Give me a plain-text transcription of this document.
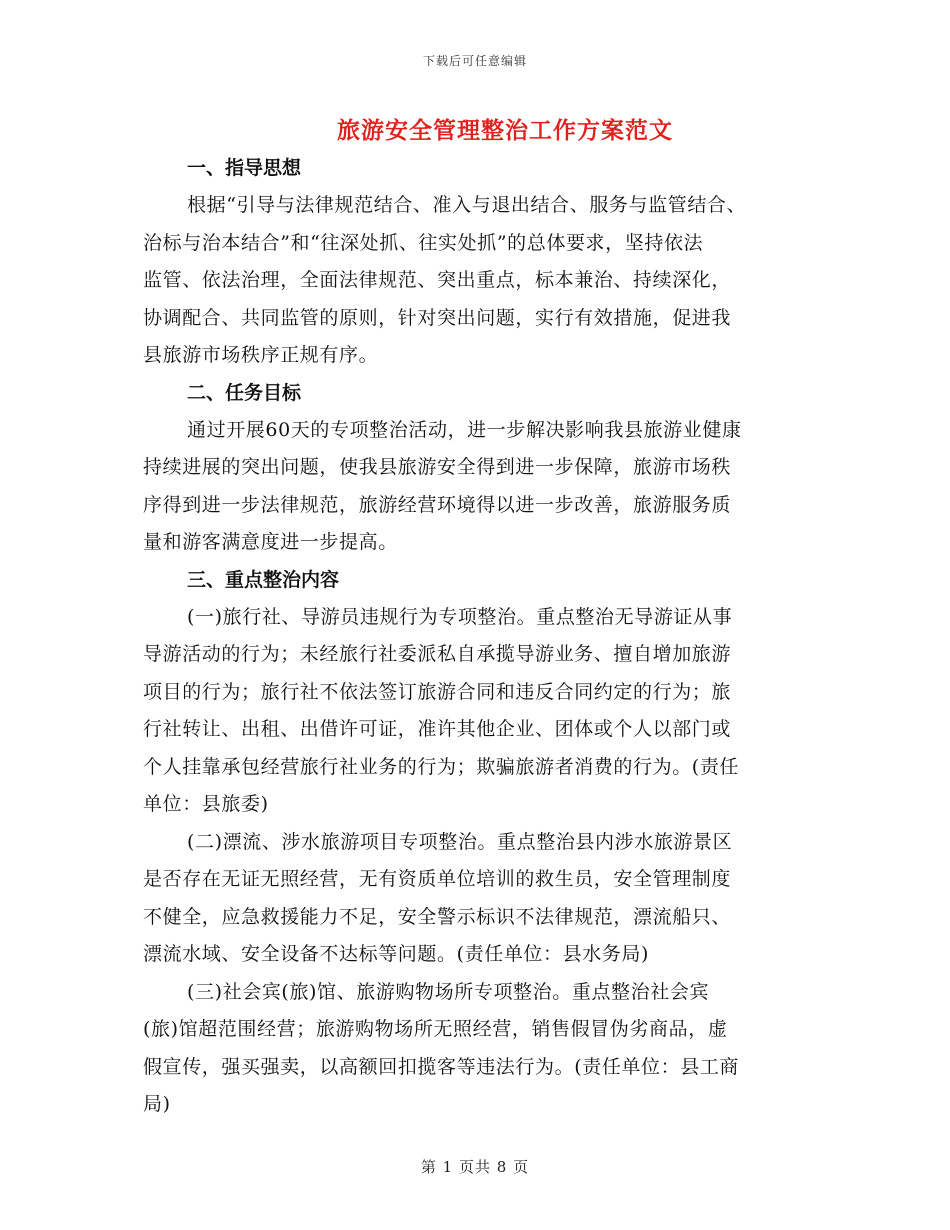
下载后可任意编辑
旅游安全管理整治工作方案范文
一、指导思想
根据“引导与法律规范结合、准入与退出结合、服务与监管结合、
治标与治本结合”和“往深处抓、往实处抓”的总体要求，坚持依法
监管、依法治理，全面法律规范、突出重点，标本兼治、持续深化，
协调配合、共同监管的原则，针对突出问题，实行有效措施，促进我
县旅游市场秩序正规有序。
二、任务目标
通过开展60天的专项整治活动，进一步解决影响我县旅游业健康
持续进展的突出问题，使我县旅游安全得到进一步保障，旅游市场秩
序得到进一步法律规范，旅游经营环境得以进一步改善，旅游服务质
量和游客满意度进一步提高。
三、重点整治内容
(一)旅行社、导游员违规行为专项整治。重点整治无导游证从事
导游活动的行为；未经旅行社委派私自承揽导游业务、擅自增加旅游
项目的行为；旅行社不依法签订旅游合同和违反合同约定的行为；旅
行社转让、出租、出借许可证，准许其他企业、团体或个人以部门或
个人挂靠承包经营旅行社业务的行为；欺骗旅游者消费的行为。(责任
单位：县旅委)
(二)漂流、涉水旅游项目专项整治。重点整治县内涉水旅游景区
是否存在无证无照经营，无有资质单位培训的救生员，安全管理制度
不健全，应急救援能力不足，安全警示标识不法律规范，漂流船只、
漂流水域、安全设备不达标等问题。(责任单位：县水务局)
(三)社会宾(旅)馆、旅游购物场所专项整治。重点整治社会宾
(旅)馆超范围经营；旅游购物场所无照经营，销售假冒伪劣商品，虚
假宣传，强买强卖，以高额回扣揽客等违法行为。(责任单位：县工商
局)
第 1 页共 8 页
